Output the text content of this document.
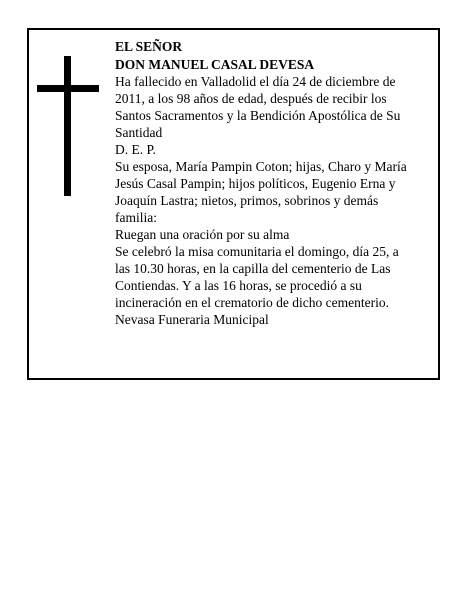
EL SEÑOR

DON MANUEL CASAL DEVESA

Ha fallecido en Valladolid el día 24 de diciembre de 2011, a los 98 años de edad, después de recibir los Santos Sacramentos y la Bendición Apostólica de Su Santidad

D. E. P.

Su esposa, María Pampin Coton; hijas, Charo y María Jesús Casal Pampin; hijos políticos, Eugenio Erna y Joaquín Lastra; nietos, primos, sobrinos y demás familia:

Ruegan una oración por su alma

Se celebró la misa comunitaria el domingo, día 25, a las 10.30 horas, en la capilla del cementerio de Las Contiendas. Y a las 16 horas, se procedió a su incineración en el crematorio de dicho cementerio.

Nevasa Funeraria Municipal
